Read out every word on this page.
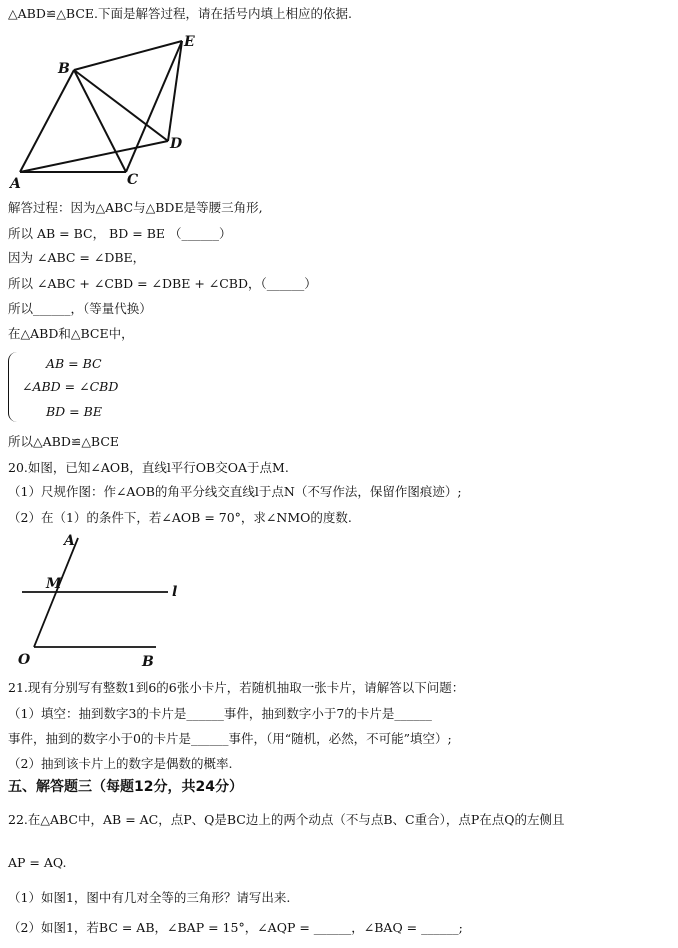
△ABD≌△BCE.下面是解答过程，请在括号内填上相应的依据.
A
B
C
D
E
解答过程：因为△ABC与△BDE是等腰三角形,
所以 AB = BC， BD = BE （______）
因为 ∠ABC = ∠DBE，
所以 ∠ABC + ∠CBD = ∠DBE + ∠CBD，（______）
所以______，（等量代换）
在△ABD和△BCE中，
AB = BC
∠ABD = ∠CBD
BD = BE
所以△ABD≌△BCE
20.如图，已知∠AOB，直线l平行OB交OA于点M.
（1）尺规作图：作∠AOB的角平分线交直线l于点N（不写作法，保留作图痕迹）;
（2）在（1）的条件下，若∠AOB = 70°，求∠NMO的度数.
A
M	l
O	B
21.现有分别写有整数1到6的6张小卡片，若随机抽取一张卡片，请解答以下问题：
（1）填空：抽到数字3的卡片是______事件，抽到数字小于7的卡片是______
事件，抽到的数字小于0的卡片是______事件，（用“随机，必然，不可能”填空）;
（2）抽到该卡片上的数字是偶数的概率.
五、解答题三（每题12分，共24分）
22.在△ABC中，AB = AC，点P、Q是BC边上的两个动点（不与点B、C重合），点P在点Q的左侧且
AP = AQ.
（1）如图1，图中有几对全等的三角形？请写出来.
（2）如图1，若BC = AB，∠BAP = 15°，∠AQP = ______，∠BAQ = ______;
